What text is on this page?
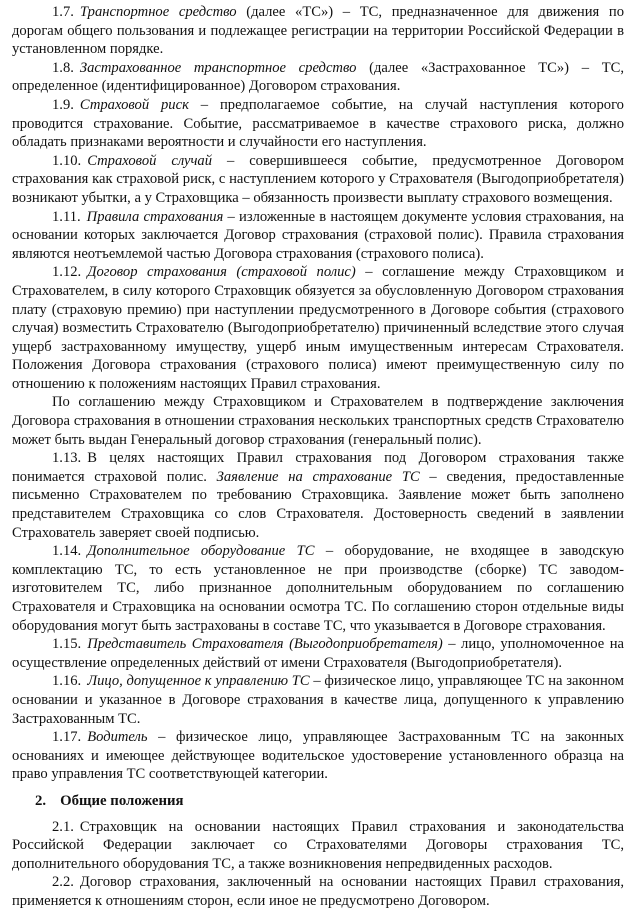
1.7. Транспортное средство (далее «ТС») – ТС, предназначенное для движения по дорогам общего пользования и подлежащее регистрации на территории Российской Федерации в установленном порядке.

1.8. Застрахованное транспортное средство (далее «Застрахованное ТС») – ТС, определенное (идентифицированное) Договором страхования.

1.9. Страховой риск – предполагаемое событие, на случай наступления которого проводится страхование. Событие, рассматриваемое в качестве страхового риска, должно обладать признаками вероятности и случайности его наступления.

1.10. Страховой случай – совершившееся событие, предусмотренное Договором страхования как страховой риск, с наступлением которого у Страхователя (Выгодоприобретателя) возникают убытки, а у Страховщика – обязанность произвести выплату страхового возмещения.

1.11. Правила страхования – изложенные в настоящем документе условия страхования, на основании которых заключается Договор страхования (страховой полис). Правила страхования являются неотъемлемой частью Договора страхования (страхового полиса).

1.12. Договор страхования (страховой полис) – соглашение между Страховщиком и Страхователем, в силу которого Страховщик обязуется за обусловленную Договором страхования плату (страховую премию) при наступлении предусмотренного в Договоре события (страхового случая) возместить Страхователю (Выгодоприобретателю) причиненный вследствие этого случая ущерб застрахованному имуществу, ущерб иным имущественным интересам Страхователя. Положения Договора страхования (страхового полиса) имеют преимущественную силу по отношению к положениям настоящих Правил страхования.

По соглашению между Страховщиком и Страхователем в подтверждение заключения Договора страхования в отношении страхования нескольких транспортных средств Страхователю может быть выдан Генеральный договор страхования (генеральный полис).

1.13. В целях настоящих Правил страхования под Договором страхования также понимается страховой полис. Заявление на страхование ТС – сведения, предоставленные письменно Страхователем по требованию Страховщика. Заявление может быть заполнено представителем Страховщика со слов Страхователя. Достоверность сведений в заявлении Страхователь заверяет своей подписью.

1.14. Дополнительное оборудование ТС – оборудование, не входящее в заводскую комплектацию ТС, то есть установленное не при производстве (сборке) ТС заводом-изготовителем ТС, либо признанное дополнительным оборудованием по соглашению Страхователя и Страховщика на основании осмотра ТС. По соглашению сторон отдельные виды оборудования могут быть застрахованы в составе ТС, что указывается в Договоре страхования.

1.15. Представитель Страхователя (Выгодоприобретателя) – лицо, уполномоченное на осуществление определенных действий от имени Страхователя (Выгодоприобретателя).

1.16. Лицо, допущенное к управлению ТС – физическое лицо, управляющее ТС на законном основании и указанное в Договоре страхования в качестве лица, допущенного к управлению Застрахованным ТС.

1.17. Водитель – физическое лицо, управляющее Застрахованным ТС на законных основаниях и имеющее действующее водительское удостоверение установленного образца на право управления ТС соответствующей категории.

2. Общие положения

2.1. Страховщик на основании настоящих Правил страхования и законодательства Российской Федерации заключает со Страхователями Договоры страхования ТС, дополнительного оборудования ТС, а также возникновения непредвиденных расходов.

2.2. Договор страхования, заключенный на основании настоящих Правил страхования, применяется к отношениям сторон, если иное не предусмотрено Договором.
